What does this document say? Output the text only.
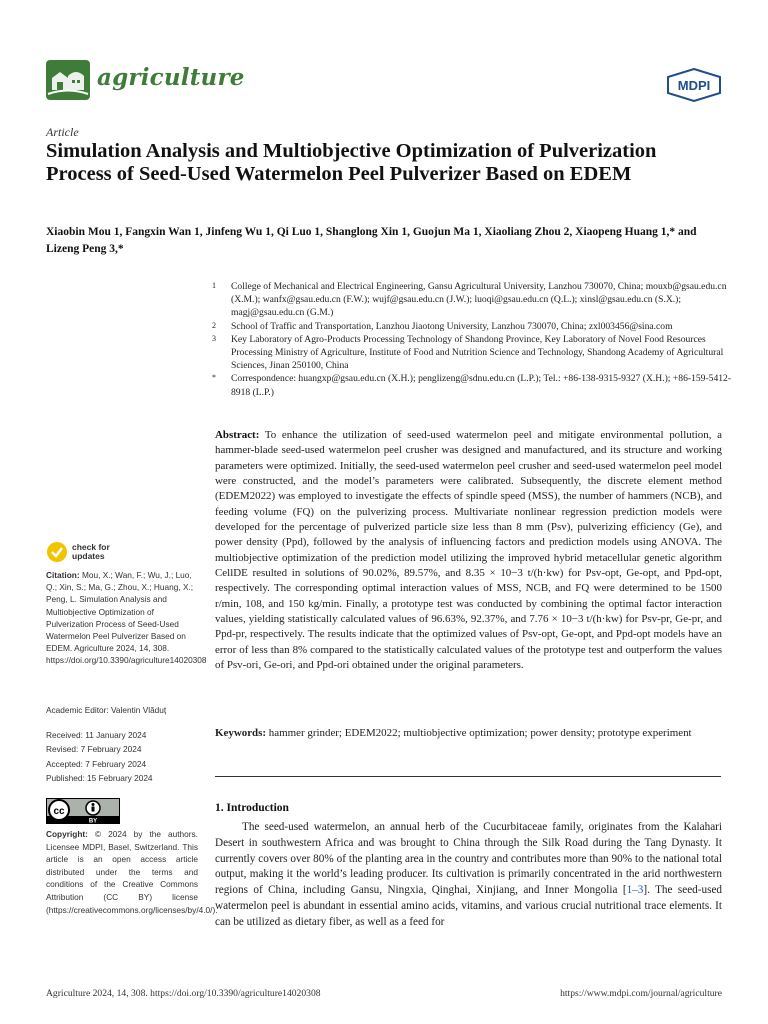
agriculture	MDPI
Article
Simulation Analysis and Multiobjective Optimization of Pulverization Process of Seed-Used Watermelon Peel Pulverizer Based on EDEM
Xiaobin Mou 1, Fangxin Wan 1, Jinfeng Wu 1, Qi Luo 1, Shanglong Xin 1, Guojun Ma 1, Xiaoliang Zhou 2, Xiaopeng Huang 1,* and Lizeng Peng 3,*
1	College of Mechanical and Electrical Engineering, Gansu Agricultural University, Lanzhou 730070, China; mouxb@gsau.edu.cn (X.M.); wanfx@gsau.edu.cn (F.W.); wujf@gsau.edu.cn (J.W.); luoqi@gsau.edu.cn (Q.L.); xinsl@gsau.edu.cn (S.X.); magj@gsau.edu.cn (G.M.)
2	School of Traffic and Transportation, Lanzhou Jiaotong University, Lanzhou 730070, China; zxl003456@sina.com
3	Key Laboratory of Agro-Products Processing Technology of Shandong Province, Key Laboratory of Novel Food Resources Processing Ministry of Agriculture, Institute of Food and Nutrition Science and Technology, Shandong Academy of Agricultural Sciences, Jinan 250100, China
*	Correspondence: huangxp@gsau.edu.cn (X.H.); penglizeng@sdnu.edu.cn (L.P.); Tel.: +86-138-9315-9327 (X.H.); +86-159-5412-8918 (L.P.)
Abstract: To enhance the utilization of seed-used watermelon peel and mitigate environmental pollution, a hammer-blade seed-used watermelon peel crusher was designed and manufactured, and its structure and working parameters were optimized. Initially, the seed-used watermelon peel crusher and seed-used watermelon peel model were constructed, and the model’s parameters were calibrated. Subsequently, the discrete element method (EDEM2022) was employed to investigate the effects of spindle speed (MSS), the number of hammers (NCB), and feeding volume (FQ) on the pulverizing process. Multivariate nonlinear regression prediction models were developed for the percentage of pulverized particle size less than 8 mm (Psv), pulverizing efficiency (Ge), and power density (Ppd), followed by the analysis of influencing factors and prediction models using ANOVA. The multiobjective optimization of the prediction model utilizing the improved hybrid metacellular genetic algorithm CellDE resulted in solutions of 90.02%, 89.57%, and 8.35 × 10−3 t/(h·kw) for Psv-opt, Ge-opt, and Ppd-opt, respectively. The corresponding optimal interaction values of MSS, NCB, and FQ were determined to be 1500 r/min, 108, and 150 kg/min. Finally, a prototype test was conducted by combining the optimal factor interaction values, yielding statistically calculated values of 96.63%, 92.37%, and 7.76 × 10−3 t/(h·kw) for Psv-pr, Ge-pr, and Ppd-pr, respectively. The results indicate that the optimized values of Psv-opt, Ge-opt, and Ppd-opt models have an error of less than 8% compared to the statistically calculated values of the prototype test and outperform the values of Psv-ori, Ge-ori, and Ppd-ori obtained under the original parameters.
Keywords: hammer grinder; EDEM2022; multiobjective optimization; power density; prototype experiment
check for updates
Citation: Mou, X.; Wan, F.; Wu, J.; Luo, Q.; Xin, S.; Ma, G.; Zhou, X.; Huang, X.; Peng, L. Simulation Analysis and Multiobjective Optimization of Pulverization Process of Seed-Used Watermelon Peel Pulverizer Based on EDEM. Agriculture 2024, 14, 308. https://doi.org/10.3390/agriculture14020308
Academic Editor: Valentin Vlăduț
Received: 11 January 2024
Revised: 7 February 2024
Accepted: 7 February 2024
Published: 15 February 2024
cc
BY
Copyright: © 2024 by the authors. Licensee MDPI, Basel, Switzerland. This article is an open access article distributed under the terms and conditions of the Creative Commons Attribution (CC BY) license (https://creativecommons.org/licenses/by/4.0/).
1. Introduction
The seed-used watermelon, an annual herb of the Cucurbitaceae family, originates from the Kalahari Desert in southwestern Africa and was brought to China through the Silk Road during the Tang Dynasty. It currently covers over 80% of the planting area in the country and contributes more than 90% to the national total output, making it the world’s leading producer. Its cultivation is primarily concentrated in the arid northwestern regions of China, including Gansu, Ningxia, Qinghai, Xinjiang, and Inner Mongolia [1–3]. The seed-used watermelon peel is abundant in essential amino acids, vitamins, and various crucial nutritional trace elements. It can be utilized as dietary fiber, as well as a feed for
Agriculture 2024, 14, 308. https://doi.org/10.3390/agriculture14020308	https://www.mdpi.com/journal/agriculture
